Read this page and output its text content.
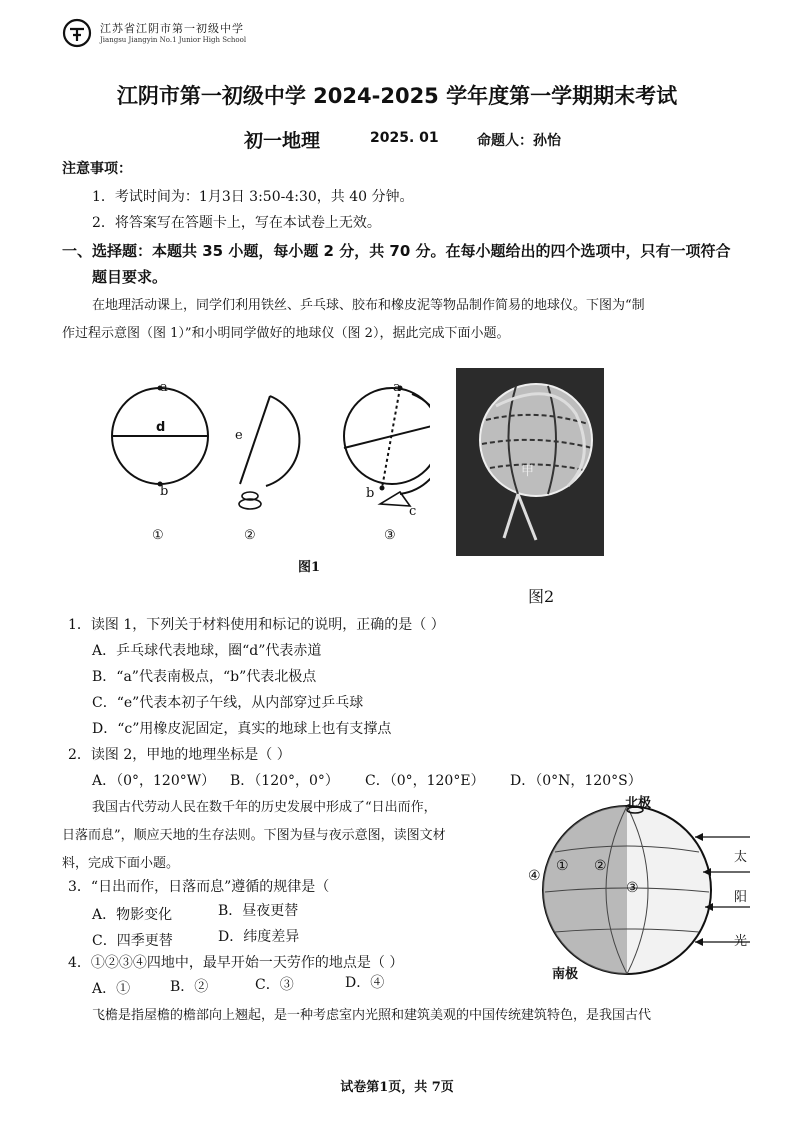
江苏省江阴市第一初级中学
Jiangsu Jiangyin No.1 Junior High School
江阴市第一初级中学 2024-2025 学年度第一学期期末考试
初一地理	2025. 01	命题人：孙怡
注意事项：
1．考试时间为：1月3日 3:50-4:30，共 40 分钟。
2．将答案写在答题卡上，写在本试卷上无效。
一、选择题：本题共 35 小题，每小题 2 分，共 70 分。在每小题给出的四个选项中，只有一项符合
题目要求。
在地理活动课上，同学们利用铁丝、乒乓球、胶布和橡皮泥等物品制作简易的地球仪。下图为“制
作过程示意图（图 1）”和小明同学做好的地球仪（图 2），据此完成下面小题。
a
d
b
e
a
b
c
①	②	③
图1
甲
图2
1．读图 1，下列关于材料使用和标记的说明，正确的是（ ）
A．乒乓球代表地球，圈“d”代表赤道
B．“a”代表南极点，“b”代表北极点
C．“e”代表本初子午线，从内部穿过乒乓球
D．“c”用橡皮泥固定，真实的地球上也有支撑点
2．读图 2，甲地的地理坐标是（ ）
A．（0°，120°W） B．（120°，0°） C．（0°，120°E） D．（0°N，120°S）
我国古代劳动人民在数千年的历史发展中形成了“日出而作，
日落而息”，顺应天地的生存法则。下图为昼与夜示意图，读图文材
料，完成下面小题。
北极
南极
太
阳
光
① ②
③
④
3．“日出而作，日落而息”遵循的规律是（
A．物影变化	B．昼夜更替
C．四季更替	D．纬度差异
4．①②③④四地中，最早开始一天劳作的地点是（ ）
A．①	B．②	C．③	D．④
飞檐是指屋檐的檐部向上翘起，是一种考虑室内光照和建筑美观的中国传统建筑特色，是我国古代
试卷第1页，共 7页
